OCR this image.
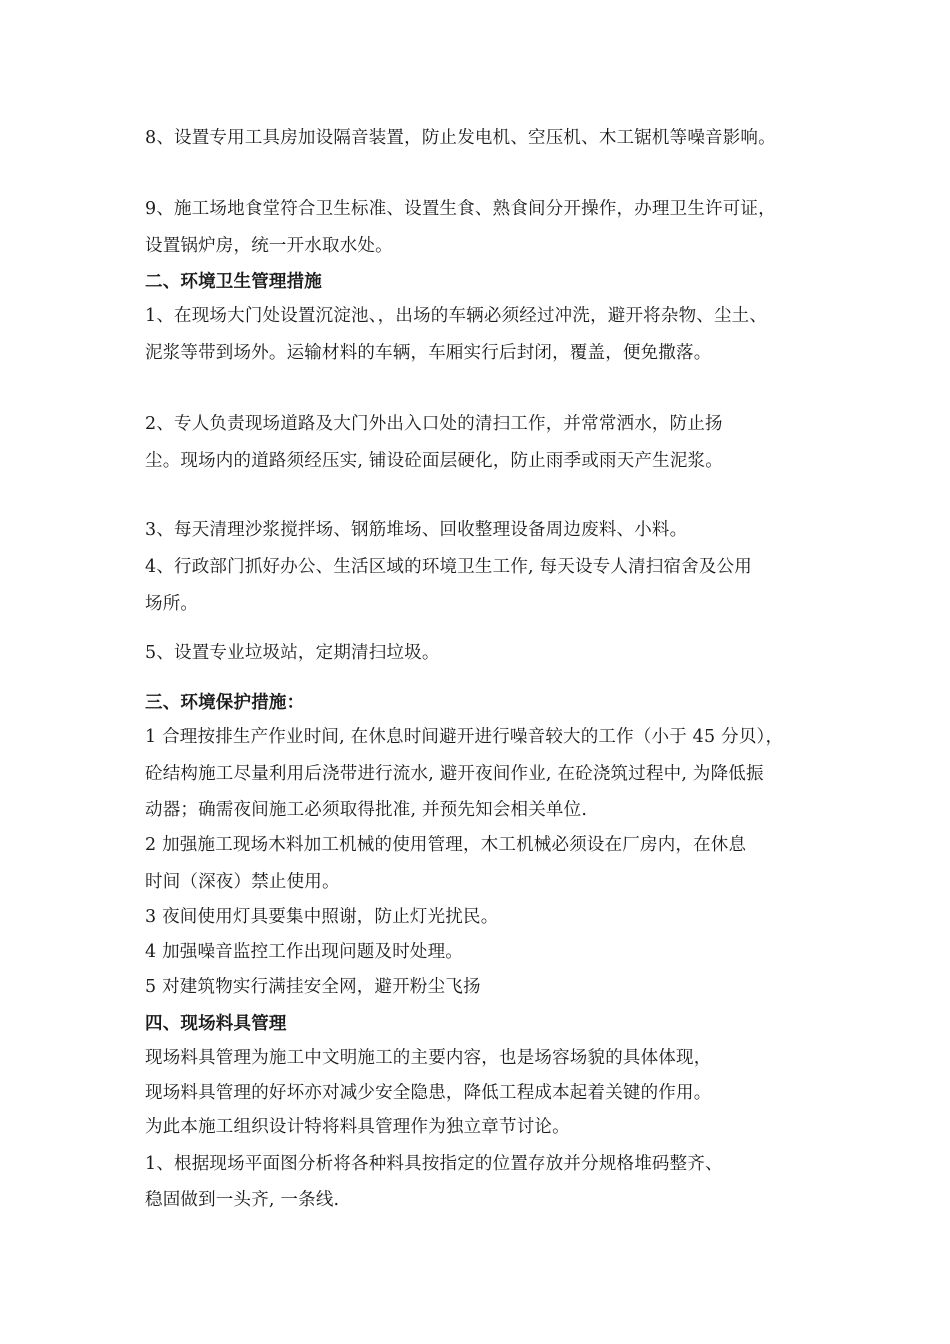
8、设置专用工具房加设隔音装置，防止发电机、空压机、木工锯机等噪音影响。
9、施工场地食堂符合卫生标准、设置生食、熟食间分开操作，办理卫生许可证，
设置锅炉房，统一开水取水处。
二、环境卫生管理措施
1、在现场大门处设置沉淀池、，出场的车辆必须经过冲洗，避开将杂物、尘土、
泥浆等带到场外。运输材料的车辆，车厢实行后封闭，覆盖，便免撒落。
2、专人负责现场道路及大门外出入口处的清扫工作，并常常洒水，防止扬
尘。现场内的道路须经压实, 铺设砼面层硬化，防止雨季或雨天产生泥浆。
3、每天清理沙浆搅拌场、钢筋堆场、回收整理设备周边废料、小料。
4、行政部门抓好办公、生活区域的环境卫生工作, 每天设专人清扫宿舍及公用
场所。
5、设置专业垃圾站，定期清扫垃圾。
三、环境保护措施：
1 合理按排生产作业时间, 在休息时间避开进行噪音较大的工作（小于 45 分贝），
砼结构施工尽量利用后浇带进行流水, 避开夜间作业, 在砼浇筑过程中, 为降低振
动器；确需夜间施工必须取得批准, 并预先知会相关单位.
2 加强施工现场木料加工机械的使用管理，木工机械必须设在厂房内，在休息
时间（深夜）禁止使用。
3 夜间使用灯具要集中照谢，防止灯光扰民。
4 加强噪音监控工作出现问题及时处理。
5 对建筑物实行满挂安全网，避开粉尘飞扬
四、现场料具管理
现场料具管理为施工中文明施工的主要内容，也是场容场貌的具体体现，
现场料具管理的好坏亦对减少安全隐患，降低工程成本起着关键的作用。
为此本施工组织设计特将料具管理作为独立章节讨论。
1、根据现场平面图分析将各种料具按指定的位置存放并分规格堆码整齐、
稳固做到一头齐, 一条线.
